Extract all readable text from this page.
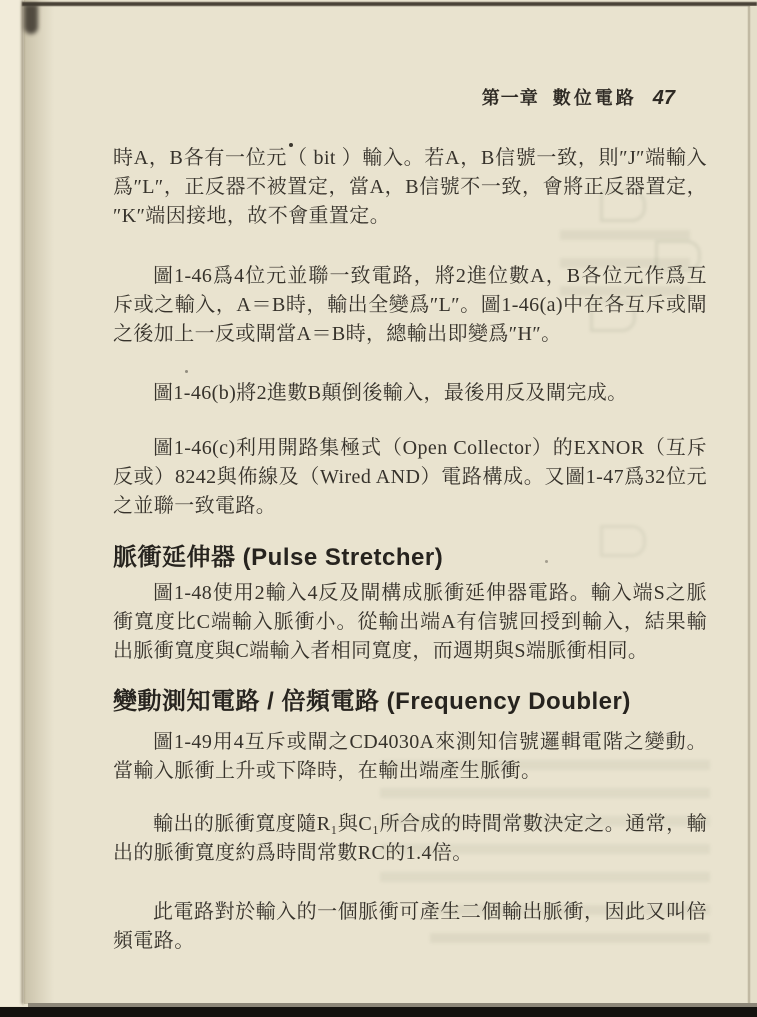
第一章 數位電路 47

時A，B各有一位元（ bit ）輸入。若A，B信號一致，則″J″端輸入爲″L″，正反器不被置定，當A，B信號不一致，會將正反器置定，″K″端因接地，故不會重置定。

圖1-46爲4位元並聯一致電路，將2進位數A，B各位元作爲互斥或之輸入，A＝B時，輸出全變爲″L″。圖1-46(a)中在各互斥或閘之後加上一反或閘當A＝B時，總輸出即變爲″H″。

圖1-46(b)將2進數B顛倒後輸入，最後用反及閘完成。

圖1-46(c)利用開路集極式（Open Collector）的EXNOR（互斥反或）8242與佈線及（Wired AND）電路構成。又圖1-47爲32位元之並聯一致電路。

脈衝延伸器 (Pulse Stretcher)

圖1-48使用2輸入4反及閘構成脈衝延伸器電路。輸入端S之脈衝寬度比C端輸入脈衝小。從輸出端A有信號回授到輸入，結果輸出脈衝寬度與C端輸入者相同寬度，而週期與S端脈衝相同。

變動測知電路 / 倍頻電路 (Frequency Doubler)

圖1-49用4互斥或閘之CD4030A來測知信號邏輯電階之變動。當輸入脈衝上升或下降時，在輸出端產生脈衝。

輸出的脈衝寬度隨R₁與C₁所合成的時間常數決定之。通常，輸出的脈衝寬度約爲時間常數RC的1.4倍。

此電路對於輸入的一個脈衝可產生二個輸出脈衝，因此又叫倍頻電路。
